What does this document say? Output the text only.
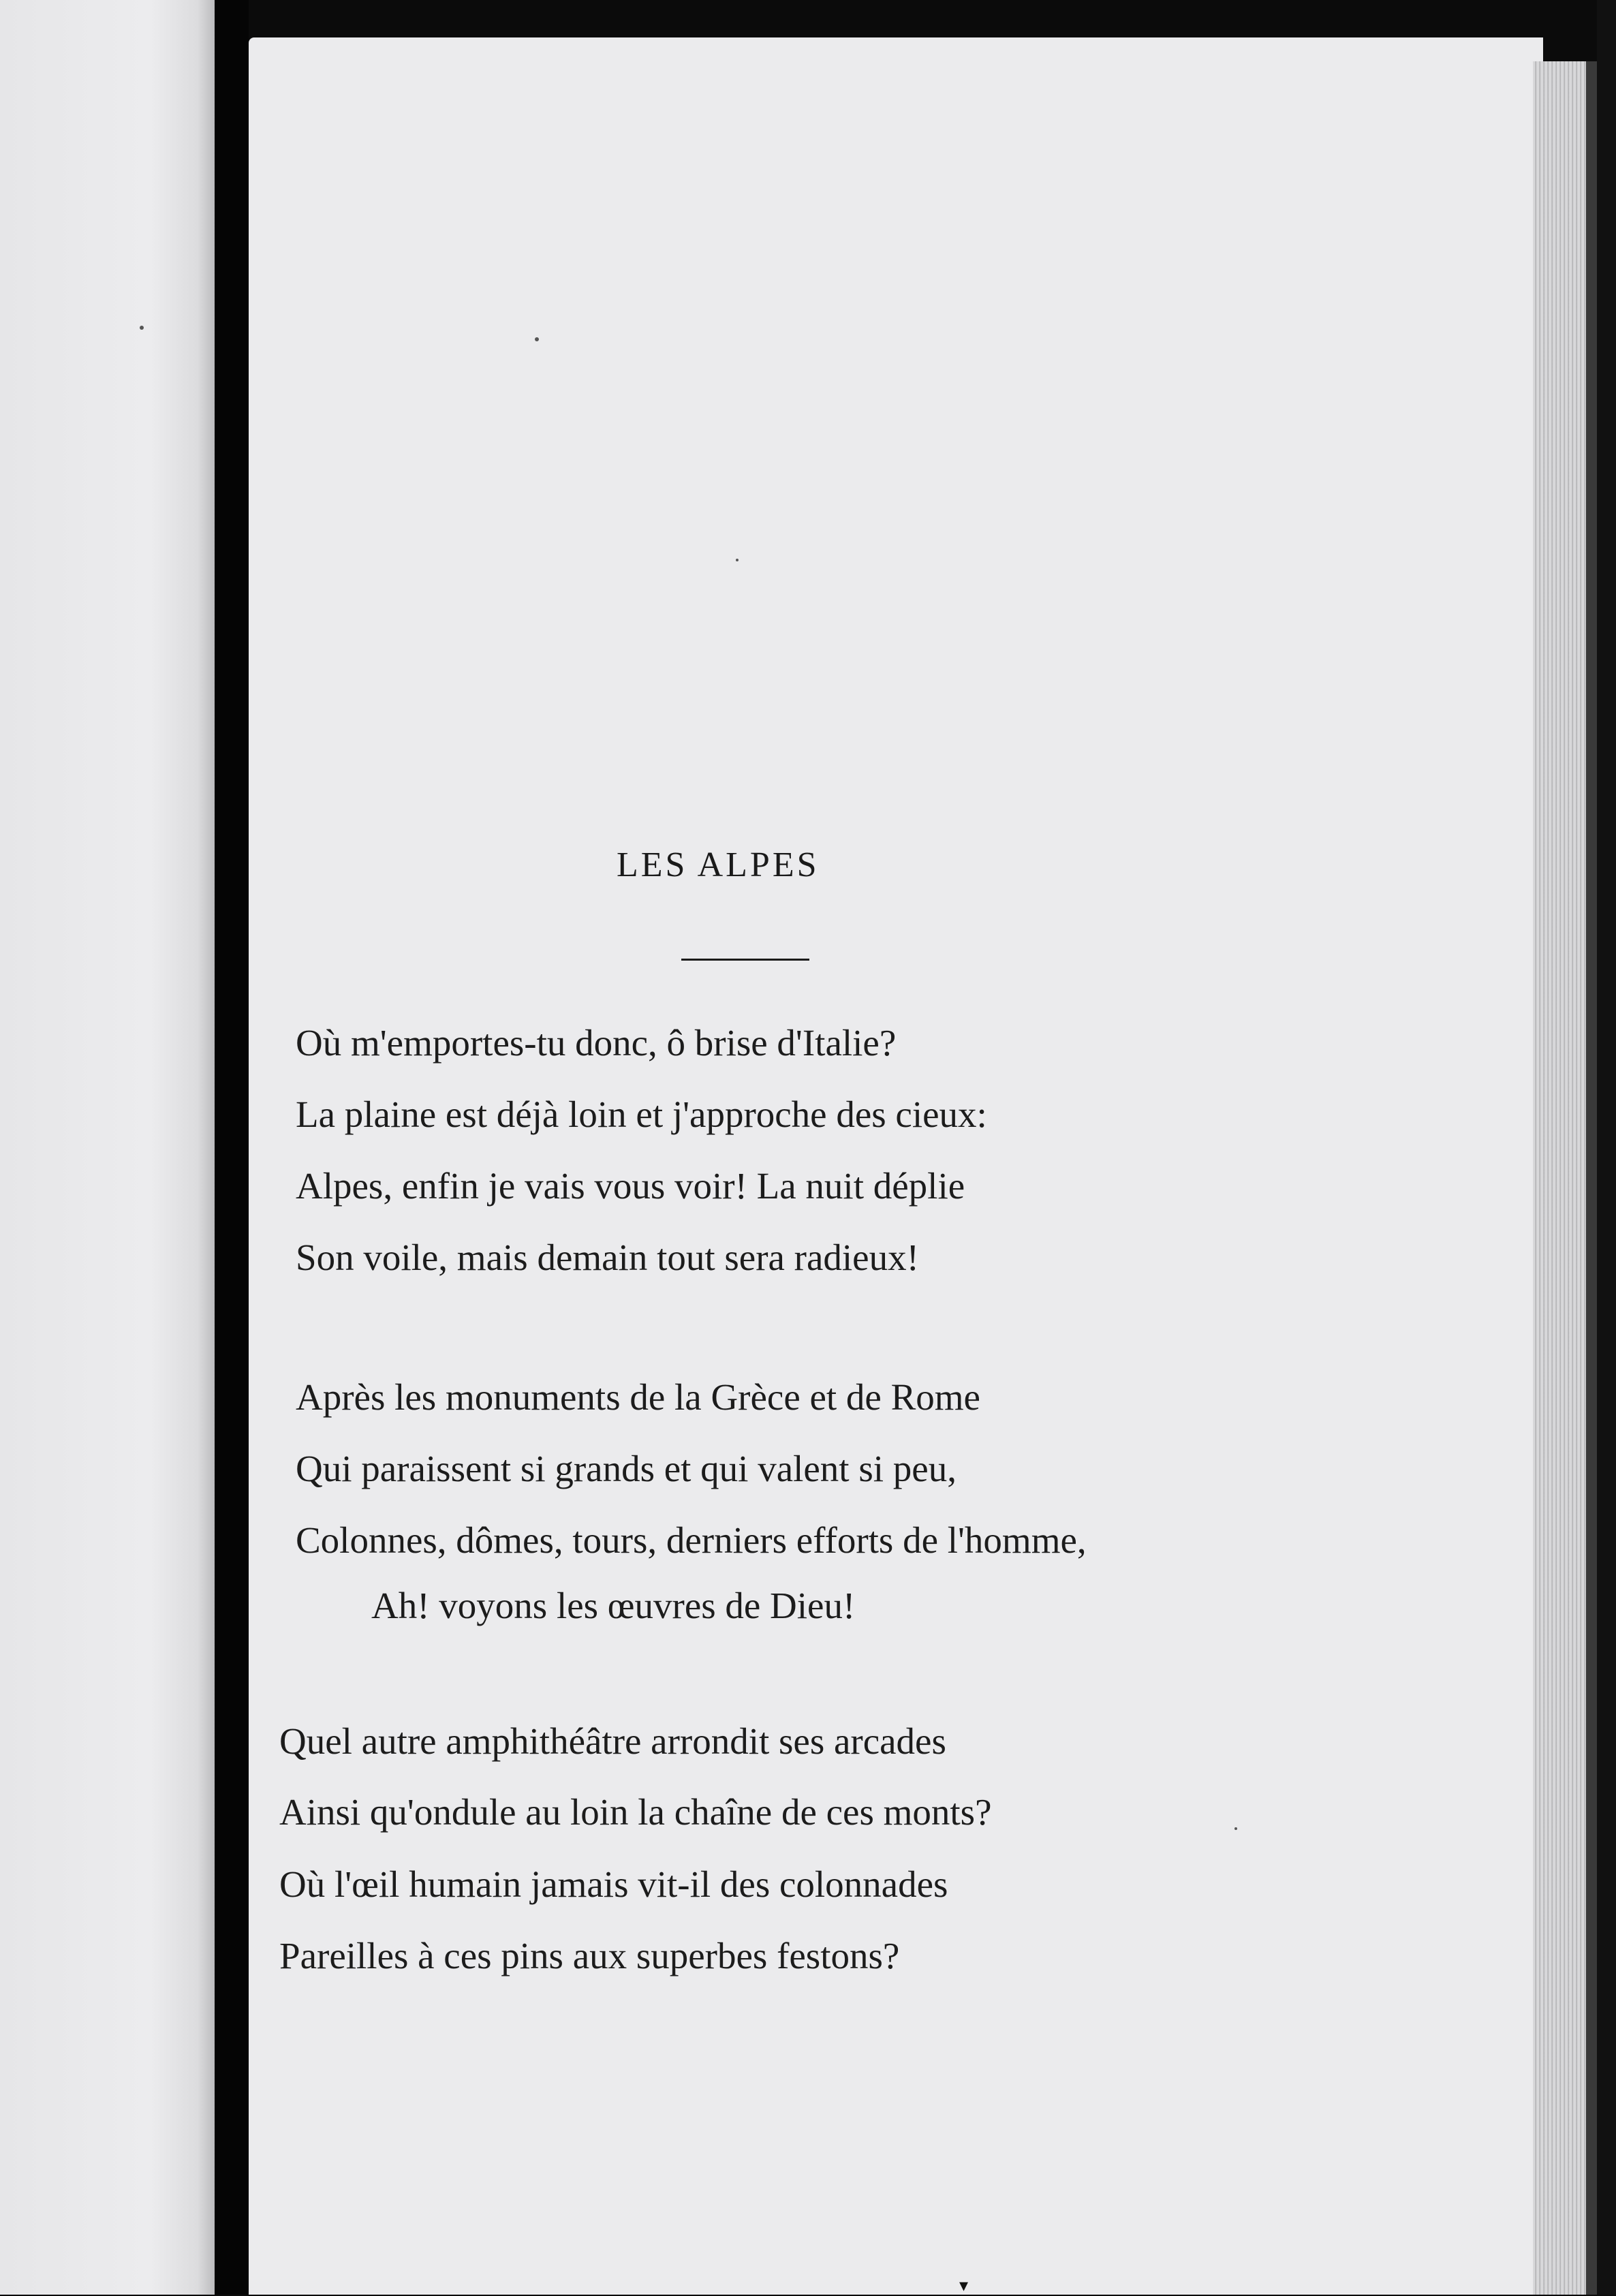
LES ALPES
Où m'emportes-tu donc, ô brise d'Italie?
La plaine est déjà loin et j'approche des cieux:
Alpes, enfin je vais vous voir! La nuit déplie
Son voile, mais demain tout sera radieux!
Après les monuments de la Grèce et de Rome
Qui paraissent si grands et qui valent si peu,
Colonnes, dômes, tours, derniers efforts de l'homme,
Ah! voyons les œuvres de Dieu!
Quel autre amphithéâtre arrondit ses arcades
Ainsi qu'ondule au loin la chaîne de ces monts?
Où l'œil humain jamais vit-il des colonnades
Pareilles à ces pins aux superbes festons?
▾
